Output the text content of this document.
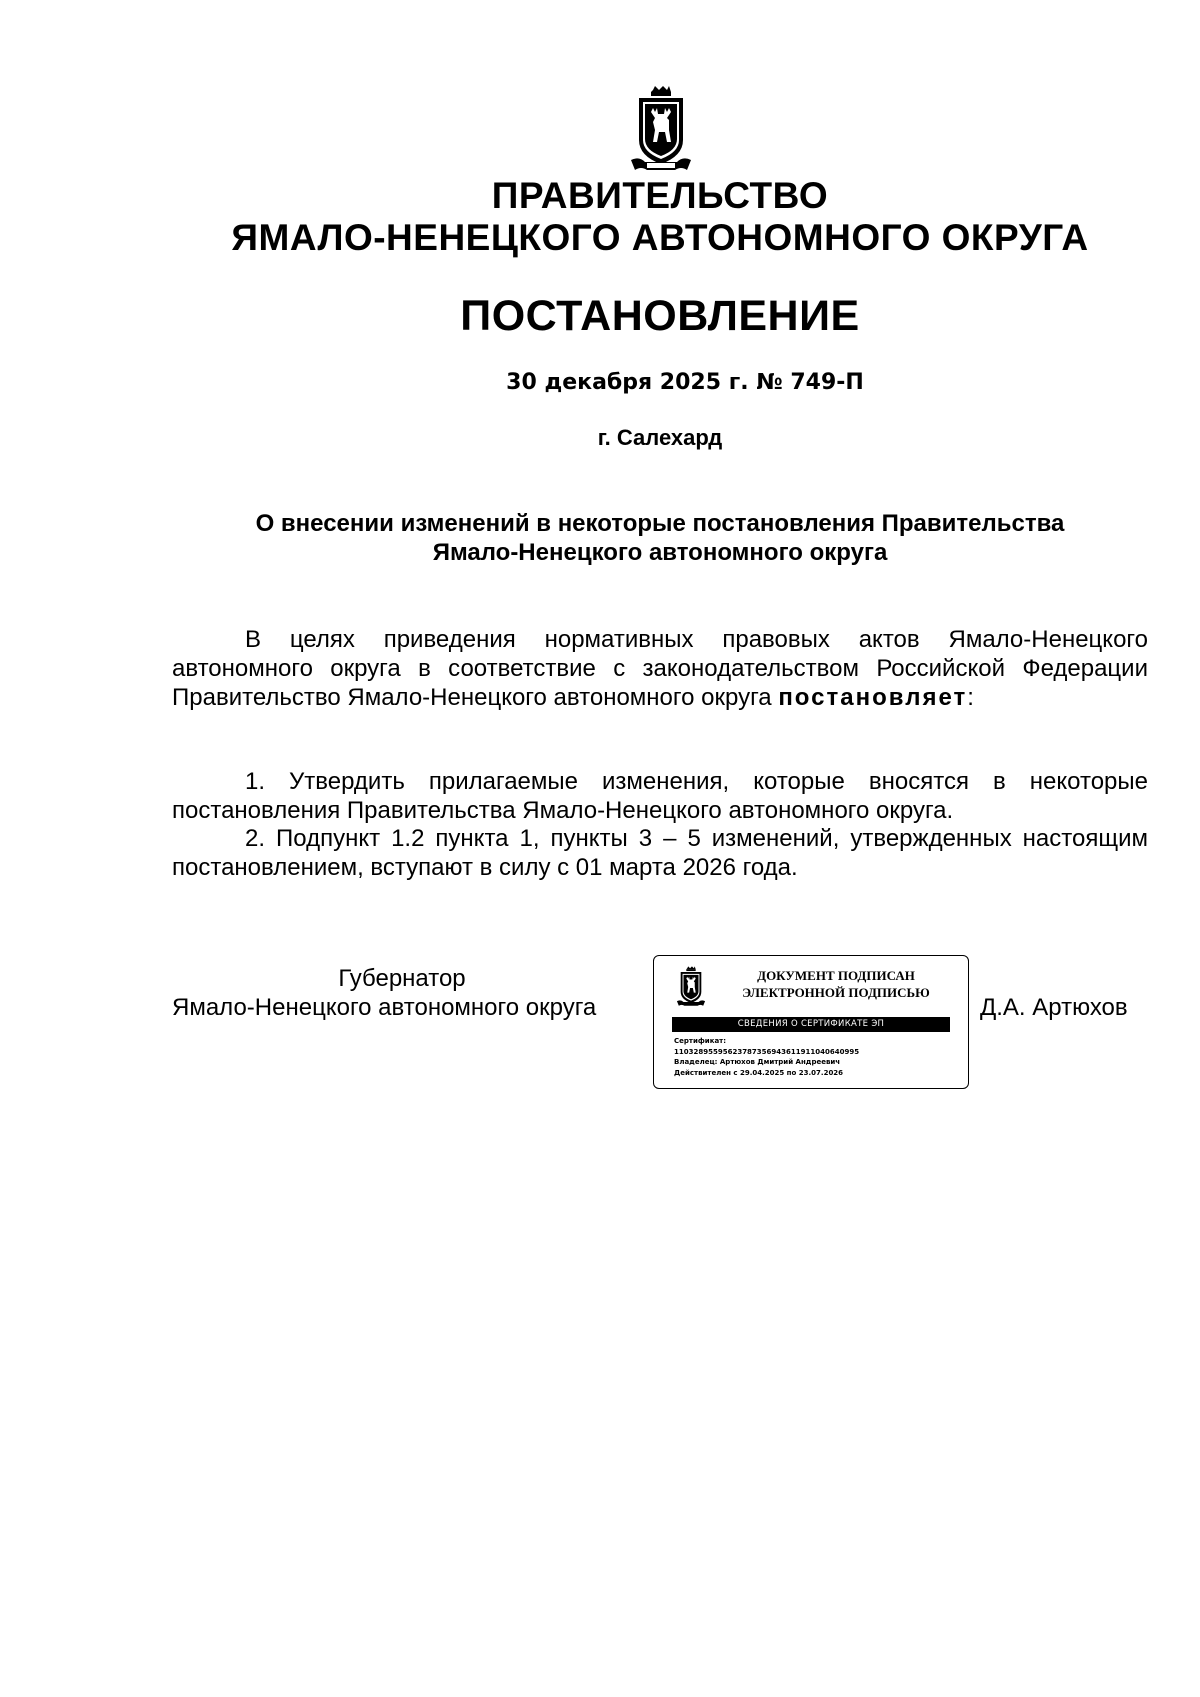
ПРАВИТЕЛЬСТВО
ЯМАЛО-НЕНЕЦКОГО АВТОНОМНОГО ОКРУГА
ПОСТАНОВЛЕНИЕ
30 декабря 2025 г. № 749-П
г. Салехард
О внесении изменений в некоторые постановления Правительства
Ямало-Ненецкого автономного округа
В целях приведения нормативных правовых актов Ямало-Ненецкого автономного округа в соответствие с законодательством Российской Федерации Правительство Ямало-Ненецкого автономного округа постановляет:
1. Утвердить прилагаемые изменения, которые вносятся в некоторые постановления Правительства Ямало-Ненецкого автономного округа.
2. Подпункт 1.2 пункта 1, пункты 3 – 5 изменений, утвержденных настоящим постановлением, вступают в силу с 01 марта 2026 года.
Губернатор
Ямало-Ненецкого автономного округа
ДОКУМЕНТ ПОДПИСАН
ЭЛЕКТРОННОЙ ПОДПИСЬЮ
СВЕДЕНИЯ О СЕРТИФИКАТЕ ЭП
Сертификат:
11032895595623787356943611911040640995
Владелец: Артюхов Дмитрий Андреевич
Действителен с 29.04.2025 по 23.07.2026
Д.А. Артюхов
